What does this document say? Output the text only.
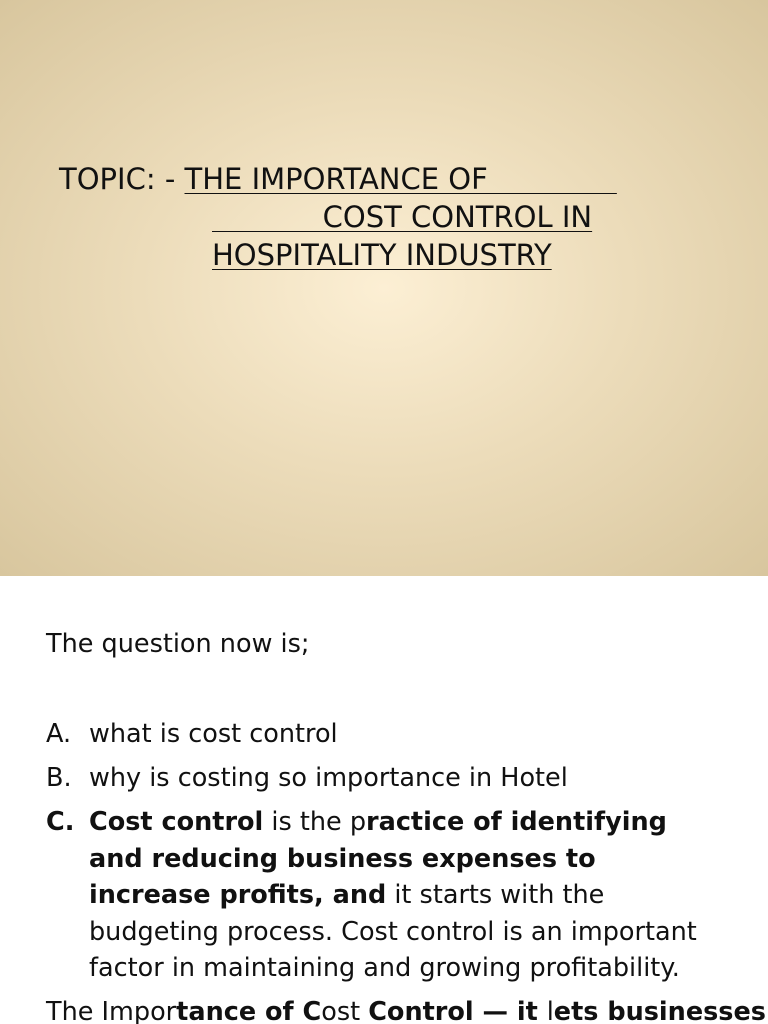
TOPIC: - THE IMPORTANCE OF
COST CONTROL IN
HOSPITALITY INDUSTRY
The question now is;
A. what is cost control
B. why is costing so importance in Hotel
C. Cost control is the practice of identifying and reducing business expenses to increase profits, and it starts with the budgeting process. Cost control is an important factor in maintaining and growing profitability.
The Importance of Cost Control — it lets businesses
